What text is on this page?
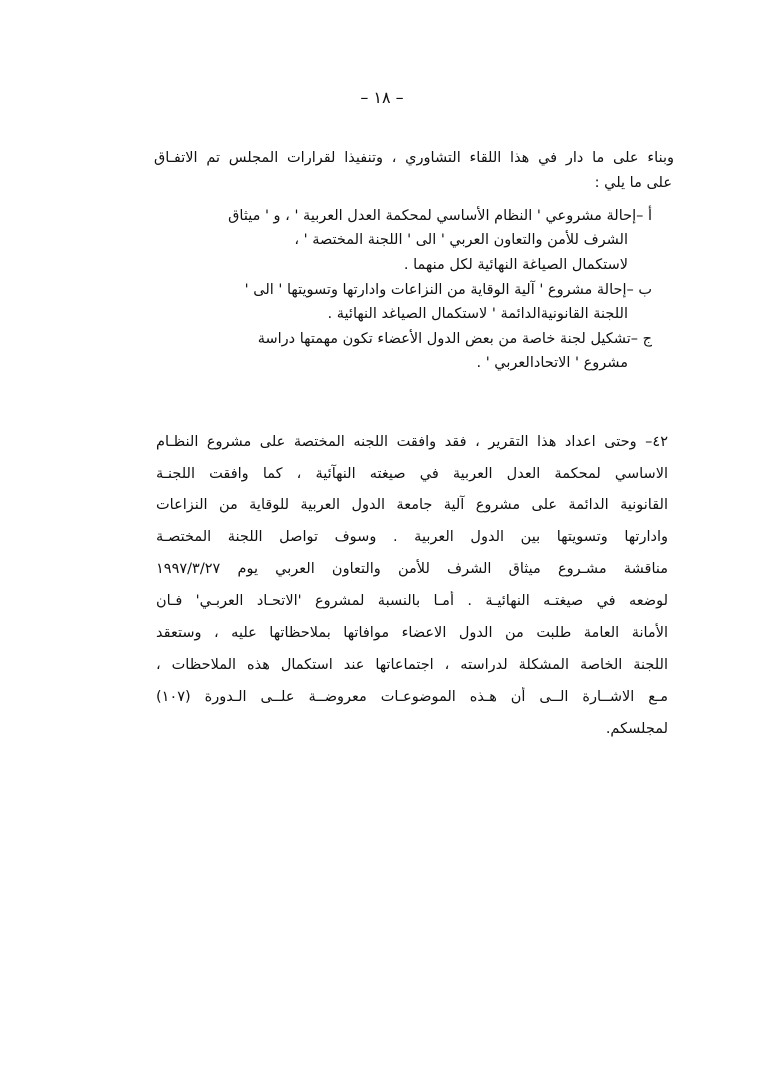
– ١٨ –
وبناء على ما دار في هذا اللقاء التشاوري ، وتنفيذا لقرارات المجلس تم الاتفـاق
على ما يلي :
أ –إحالة مشروعي ' النظام الأساسي لمحكمة العدل العربية ' ، و ' ميثاق
الشرف للأمن والتعاون العربي ' الى ' اللجنة المختصة ' ،
لاستكمال الصياغة النهائية لكل منهما .
ب –إحالة مشروع ' آلية الوقاية من النزاعات وادارتها وتسويتها ' الى '
اللجنة القانونيةالدائمة ' لاستكمال الصياغد النهائية .
ج –تشكيل لجنة خاصة من بعض الدول الأعضاء تكون مهمتها دراسة
مشروع ' الاتحادالعربي ' .
٤٢– وحتى اعداد هذا التقرير ، فقد وافقت اللجنه المختصة على مشروع النظـام
الاساسي لمحكمة العدل العربية في صيغته النهآئية ، كما وافقت اللجنـة
القانونية الدائمة على مشروع آلية جامعة الدول العربية للوقاية من النزاعات
وادارتها وتسويتها بين الدول العربية . وسوف تواصل اللجنة المختصـة
مناقشة مشـروع ميثاق الشرف للأمن والتعاون العربي يوم ١٩٩٧/٣/٢٧
لوضعه في صيغتـه النهائيـة . أمـا بالنسبة لمشروع 'الاتحـاد العربـي' فـان
الأمانة العامة طلبت من الدول الاعضاء موافاتها بملاحظاتها عليه ، وستعقد
اللجنة الخاصة المشكلة لدراسته ، اجتماعاتها عند استكمال هذه الملاحظات ،
مـع الاشــارة الــى أن هـذه الموضوعـات معروضــة علــى الـدورة (١٠٧)
لمجلسكم.
